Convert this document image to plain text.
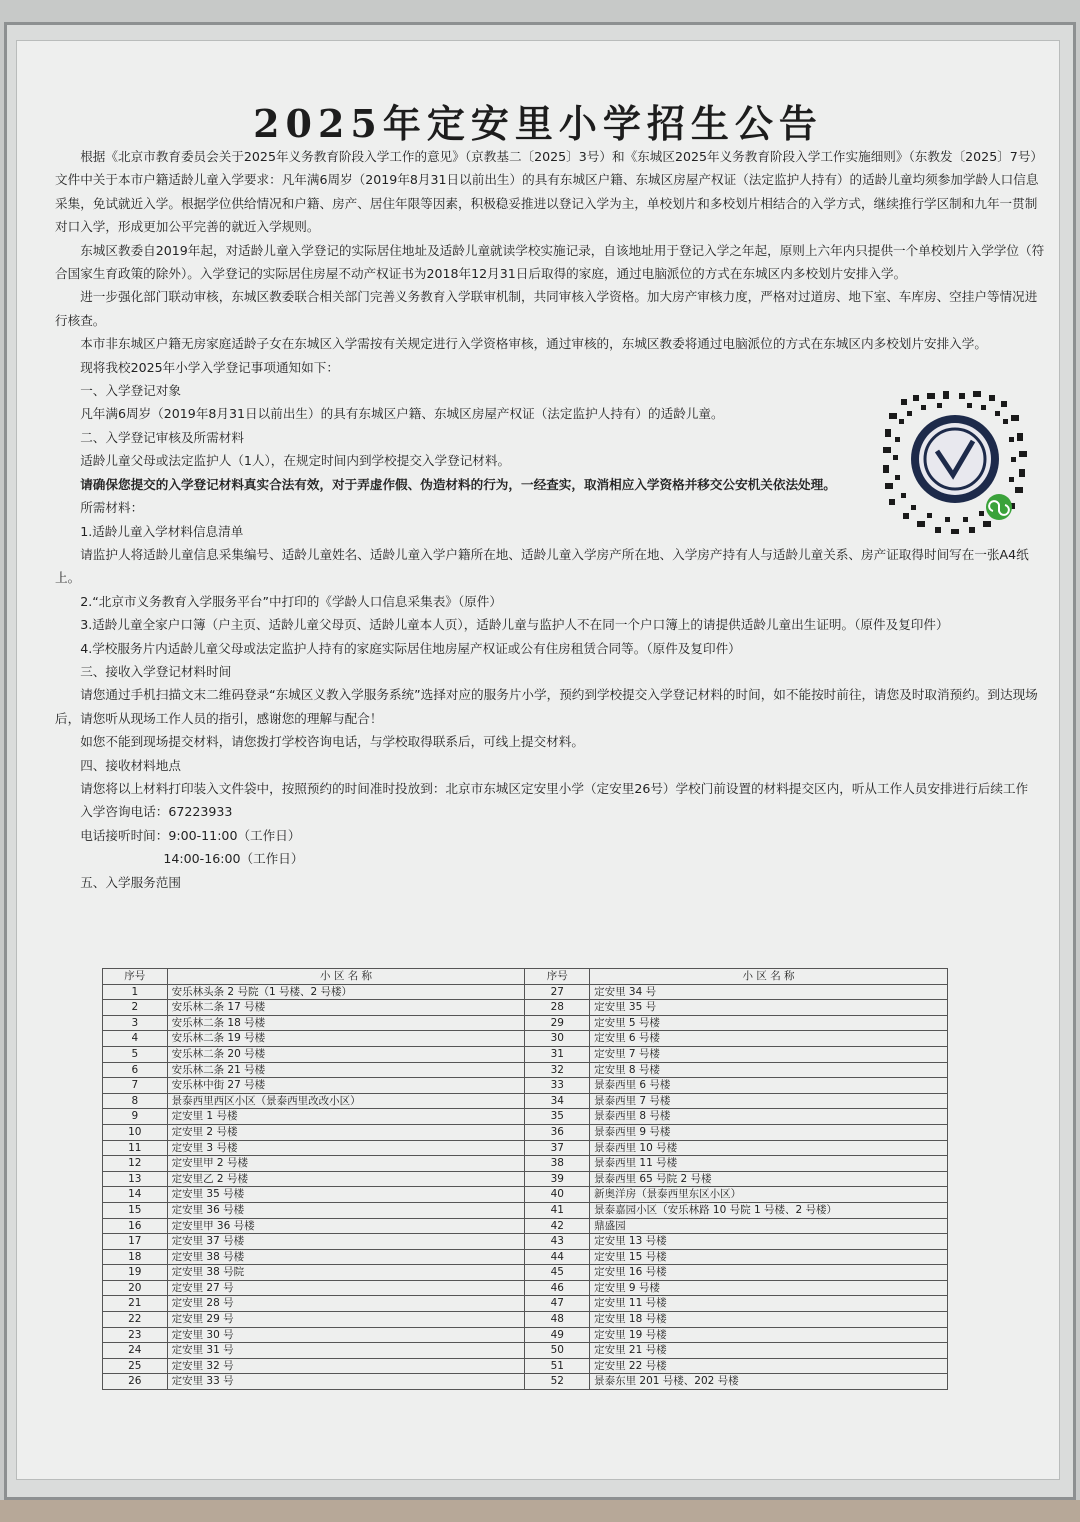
2025年定安里小学招生公告

根据《北京市教育委员会关于2025年义务教育阶段入学工作的意见》（京教基二〔2025〕3号）和《东城区2025年义务教育阶段入学工作实施细则》（东教发〔2025〕7号）文件中关于本市户籍适龄儿童入学要求：凡年满6周岁（2019年8月31日以前出生）的具有东城区户籍、东城区房屋产权证（法定监护人持有）的适龄儿童均须参加学龄人口信息采集，免试就近入学。根据学位供给情况和户籍、房产、居住年限等因素，积极稳妥推进以登记入学为主，单校划片和多校划片相结合的入学方式，继续推行学区制和九年一贯制对口入学，形成更加公平完善的就近入学规则。

东城区教委自2019年起，对适龄儿童入学登记的实际居住地址及适龄儿童就读学校实施记录，自该地址用于登记入学之年起，原则上六年内只提供一个单校划片入学学位（符合国家生育政策的除外）。入学登记的实际居住房屋不动产权证书为2018年12月31日后取得的家庭，通过电脑派位的方式在东城区内多校划片安排入学。

进一步强化部门联动审核，东城区教委联合相关部门完善义务教育入学联审机制，共同审核入学资格。加大房产审核力度，严格对过道房、地下室、车库房、空挂户等情况进行核查。

本市非东城区户籍无房家庭适龄子女在东城区入学需按有关规定进行入学资格审核，通过审核的，东城区教委将通过电脑派位的方式在东城区内多校划片安排入学。

现将我校2025年小学入学登记事项通知如下：

一、入学登记对象

凡年满6周岁（2019年8月31日以前出生）的具有东城区户籍、东城区房屋产权证（法定监护人持有）的适龄儿童。

二、入学登记审核及所需材料

适龄儿童父母或法定监护人（1人），在规定时间内到学校提交入学登记材料。

请确保您提交的入学登记材料真实合法有效，对于弄虚作假、伪造材料的行为，一经查实，取消相应入学资格并移交公安机关依法处理。

所需材料：

1.适龄儿童入学材料信息清单

请监护人将适龄儿童信息采集编号、适龄儿童姓名、适龄儿童入学户籍所在地、适龄儿童入学房产所在地、入学房产持有人与适龄儿童关系、房产证取得时间写在一张A4纸上。

2.“北京市义务教育入学服务平台”中打印的《学龄人口信息采集表》（原件）

3.适龄儿童全家户口簿（户主页、适龄儿童父母页、适龄儿童本人页），适龄儿童与监护人不在同一个户口簿上的请提供适龄儿童出生证明。（原件及复印件）

4.学校服务片内适龄儿童父母或法定监护人持有的家庭实际居住地房屋产权证或公有住房租赁合同等。（原件及复印件）

三、接收入学登记材料时间

请您通过手机扫描文末二维码登录“东城区义教入学服务系统”选择对应的服务片小学，预约到学校提交入学登记材料的时间，如不能按时前往，请您及时取消预约。到达现场后，请您听从现场工作人员的指引，感谢您的理解与配合！

如您不能到现场提交材料，请您拨打学校咨询电话，与学校取得联系后，可线上提交材料。

四、接收材料地点

请您将以上材料打印装入文件袋中，按照预约的时间准时投放到：北京市东城区定安里小学（定安里26号）学校门前设置的材料提交区内，听从工作人员安排进行后续工作

入学咨询电话：67223933

电话接听时间：9:00-11:00（工作日）

14:00-16:00（工作日）

五、入学服务范围

序号	小 区 名 称	序号	小 区 名 称
1	安乐林头条 2 号院（1 号楼、2 号楼）	27	定安里 34 号
2	安乐林二条 17 号楼	28	定安里 35 号
3	安乐林二条 18 号楼	29	定安里 5 号楼
4	安乐林二条 19 号楼	30	定安里 6 号楼
5	安乐林二条 20 号楼	31	定安里 7 号楼
6	安乐林二条 21 号楼	32	定安里 8 号楼
7	安乐林中街 27 号楼	33	景泰西里 6 号楼
8	景泰西里西区小区（景泰西里改改小区）	34	景泰西里 7 号楼
9	定安里 1 号楼	35	景泰西里 8 号楼
10	定安里 2 号楼	36	景泰西里 9 号楼
11	定安里 3 号楼	37	景泰西里 10 号楼
12	定安里甲 2 号楼	38	景泰西里 11 号楼
13	定安里乙 2 号楼	39	景泰西里 65 号院 2 号楼
14	定安里 35 号楼	40	新奥洋房（景泰西里东区小区）
15	定安里 36 号楼	41	景泰嘉园小区（安乐林路 10 号院 1 号楼、2 号楼）
16	定安里甲 36 号楼	42	鼎盛园
17	定安里 37 号楼	43	定安里 13 号楼
18	定安里 38 号楼	44	定安里 15 号楼
19	定安里 38 号院	45	定安里 16 号楼
20	定安里 27 号	46	定安里 9 号楼
21	定安里 28 号	47	定安里 11 号楼
22	定安里 29 号	48	定安里 18 号楼
23	定安里 30 号	49	定安里 19 号楼
24	定安里 31 号	50	定安里 21 号楼
25	定安里 32 号	51	定安里 22 号楼
26	定安里 33 号	52	景泰东里 201 号楼、202 号楼
